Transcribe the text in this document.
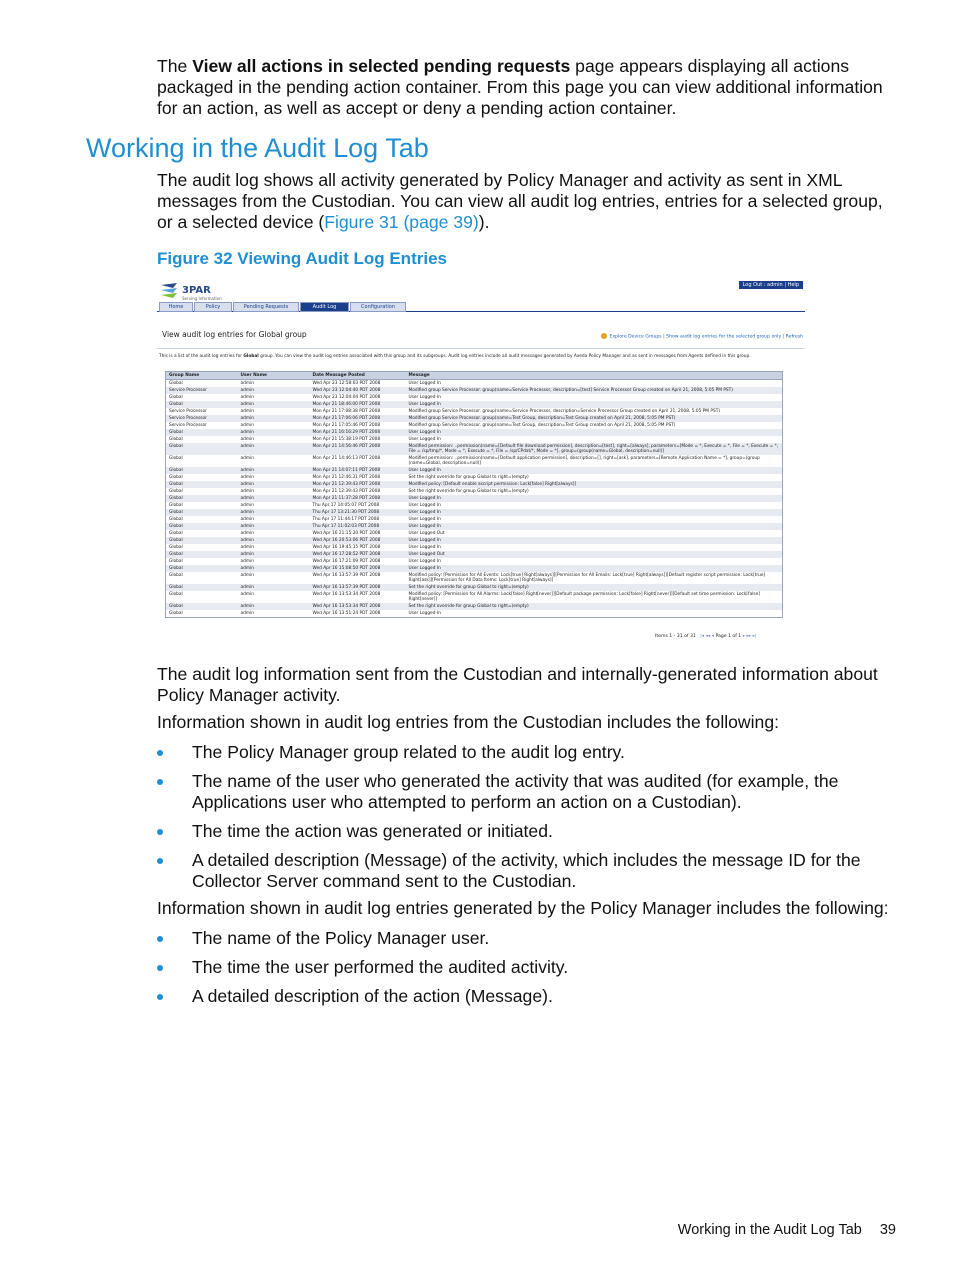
The View all actions in selected pending requests page appears displaying all actions packaged in the pending action container. From this page you can view additional information for an action, as well as accept or deny a pending action container.

Working in the Audit Log Tab

The audit log shows all activity generated by Policy Manager and activity as sent in XML messages from the Custodian. You can view all audit log entries, entries for a selected group, or a selected device (Figure 31 (page 39)).

Figure 32 Viewing Audit Log Entries

3PAR
Serving Information
Log Out : admin | Help
Home	Policy	Pending Requests	Audit Log	Configuration
View audit log entries for Global group	Explore Device Groups | Show audit log entries for the selected group only | Refresh
This is a list of the audit log entries for Global group. You can view the audit log entries associated with this group and its subgroups. Audit log entries include all audit messages generated by Axeda Policy Manager and as sent in messages from Agents defined in this group.
Group Name	User Name	Date Message Posted	Message
Global	admin	Wed Apr 23 12:58:03 PDT 2008	User Logged In
Service Processor	admin	Wed Apr 23 12:04:40 PDT 2008	Modified group Service Processor. group(name=Service Processor, description=[test] Service Processor Group created on April 21, 2008, 5:05 PM PST)
Global	admin	Wed Apr 23 12:04:04 PDT 2008	User Logged In
Global	admin	Mon Apr 21 18:46:00 PDT 2008	User Logged In
Service Processor	admin	Mon Apr 21 17:08:38 PDT 2008	Modified group Service Processor. group(name=Service Processor, description=Service Processor Group created on April 21, 2008, 5:05 PM PST)
Service Processor	admin	Mon Apr 21 17:06:06 PDT 2008	Modified group Service Processor. group(name=Test Group, description=Test Group created on April 21, 2008, 5:05 PM PST)
Service Processor	admin	Mon Apr 21 17:05:46 PDT 2008	Modified group Service Processor. group(name=Test Group, description=Test Group created on April 21, 2008, 5:05 PM PST)
Global	admin	Mon Apr 21 16:16:29 PDT 2008	User Logged In
Global	admin	Mon Apr 21 15:38:19 PDT 2008	User Logged In
Global	admin	Mon Apr 21 14:56:46 PDT 2008	Modified permission: ..permission(name=[Default file download permission], description=[test], right=[always], parameters=[Mode = *, Execute = *, File = *, Execute = *, File = /sp/tmp/*, Mode = *, Execute = *, File = /sp/CPdat/*, Mode = *], group=(group(name=Global, description=null)]
Global	admin	Mon Apr 21 14:46:13 PDT 2008	Modified permission: ..permission(name=[Default application permission], description=[], right=[ask], parameters=[Remote Application Name = *], group=(group (name=Global, description=null)]
Global	admin	Mon Apr 21 14:07:11 PDT 2008	User Logged In
Global	admin	Mon Apr 21 12:46:31 PDT 2008	Set the right override for group Global to right=(empty)
Global	admin	Mon Apr 21 12:39:43 PDT 2008	Modified policy: [Default enable ascript permission: Lock[false] Right[always]]
Global	admin	Mon Apr 21 12:39:43 PDT 2008	Set the right override for group Global to right=(empty)
Global	admin	Mon Apr 21 11:37:28 PDT 2008	User Logged In
Global	admin	Thu Apr 17 14:05:07 PDT 2008	User Logged In
Global	admin	Thu Apr 17 13:21:30 PDT 2008	User Logged In
Global	admin	Thu Apr 17 11:44:17 PDT 2008	User Logged In
Global	admin	Thu Apr 17 11:02:03 PDT 2008	User Logged In
Global	admin	Wed Apr 16 21:15:20 PDT 2008	User Logged Out
Global	admin	Wed Apr 16 20:53:06 PDT 2008	User Logged In
Global	admin	Wed Apr 16 19:45:15 PDT 2008	User Logged In
Global	admin	Wed Apr 16 17:28:52 PDT 2008	User Logged Out
Global	admin	Wed Apr 16 17:21:09 PDT 2008	User Logged In
Global	admin	Wed Apr 16 15:08:50 PDT 2008	User Logged In
Global	admin	Wed Apr 16 13:57:39 PDT 2008	Modified policy: [Permission for All Events: Lock[true] Right[always]][Permission for All Emails: Lock[true] Right[always]][Default register script permission: Lock[true] Right[ask]][Permission for All Data Items: Lock[true] Right[always]]
Global	admin	Wed Apr 16 13:57:39 PDT 2008	Set the right override for group Global to right=(empty)
Global	admin	Wed Apr 16 13:53:34 PDT 2008	Modified policy: [Permission for All Alarms: Lock[false] Right[never]][Default package permission: Lock[false] Right[never]][Default set time permission: Lock[false] Right[never]]
Global	admin	Wed Apr 16 13:53:34 PDT 2008	Set the right override for group Global to right=(empty)
Global	admin	Wed Apr 16 13:51:24 PDT 2008	User Logged In
Items 1 - 31 of 31 |◂ ◂◂ ◂ Page 1 of 1 ▸ ▸▸ ▸|

The audit log information sent from the Custodian and internally-generated information about Policy Manager activity.

Information shown in audit log entries from the Custodian includes the following:

The Policy Manager group related to the audit log entry.
The name of the user who generated the activity that was audited (for example, the Applications user who attempted to perform an action on a Custodian).
The time the action was generated or initiated.
A detailed description (Message) of the activity, which includes the message ID for the Collector Server command sent to the Custodian.

Information shown in audit log entries generated by the Policy Manager includes the following:

The name of the Policy Manager user.
The time the user performed the audited activity.
A detailed description of the action (Message).
Working in the Audit Log Tab 39
